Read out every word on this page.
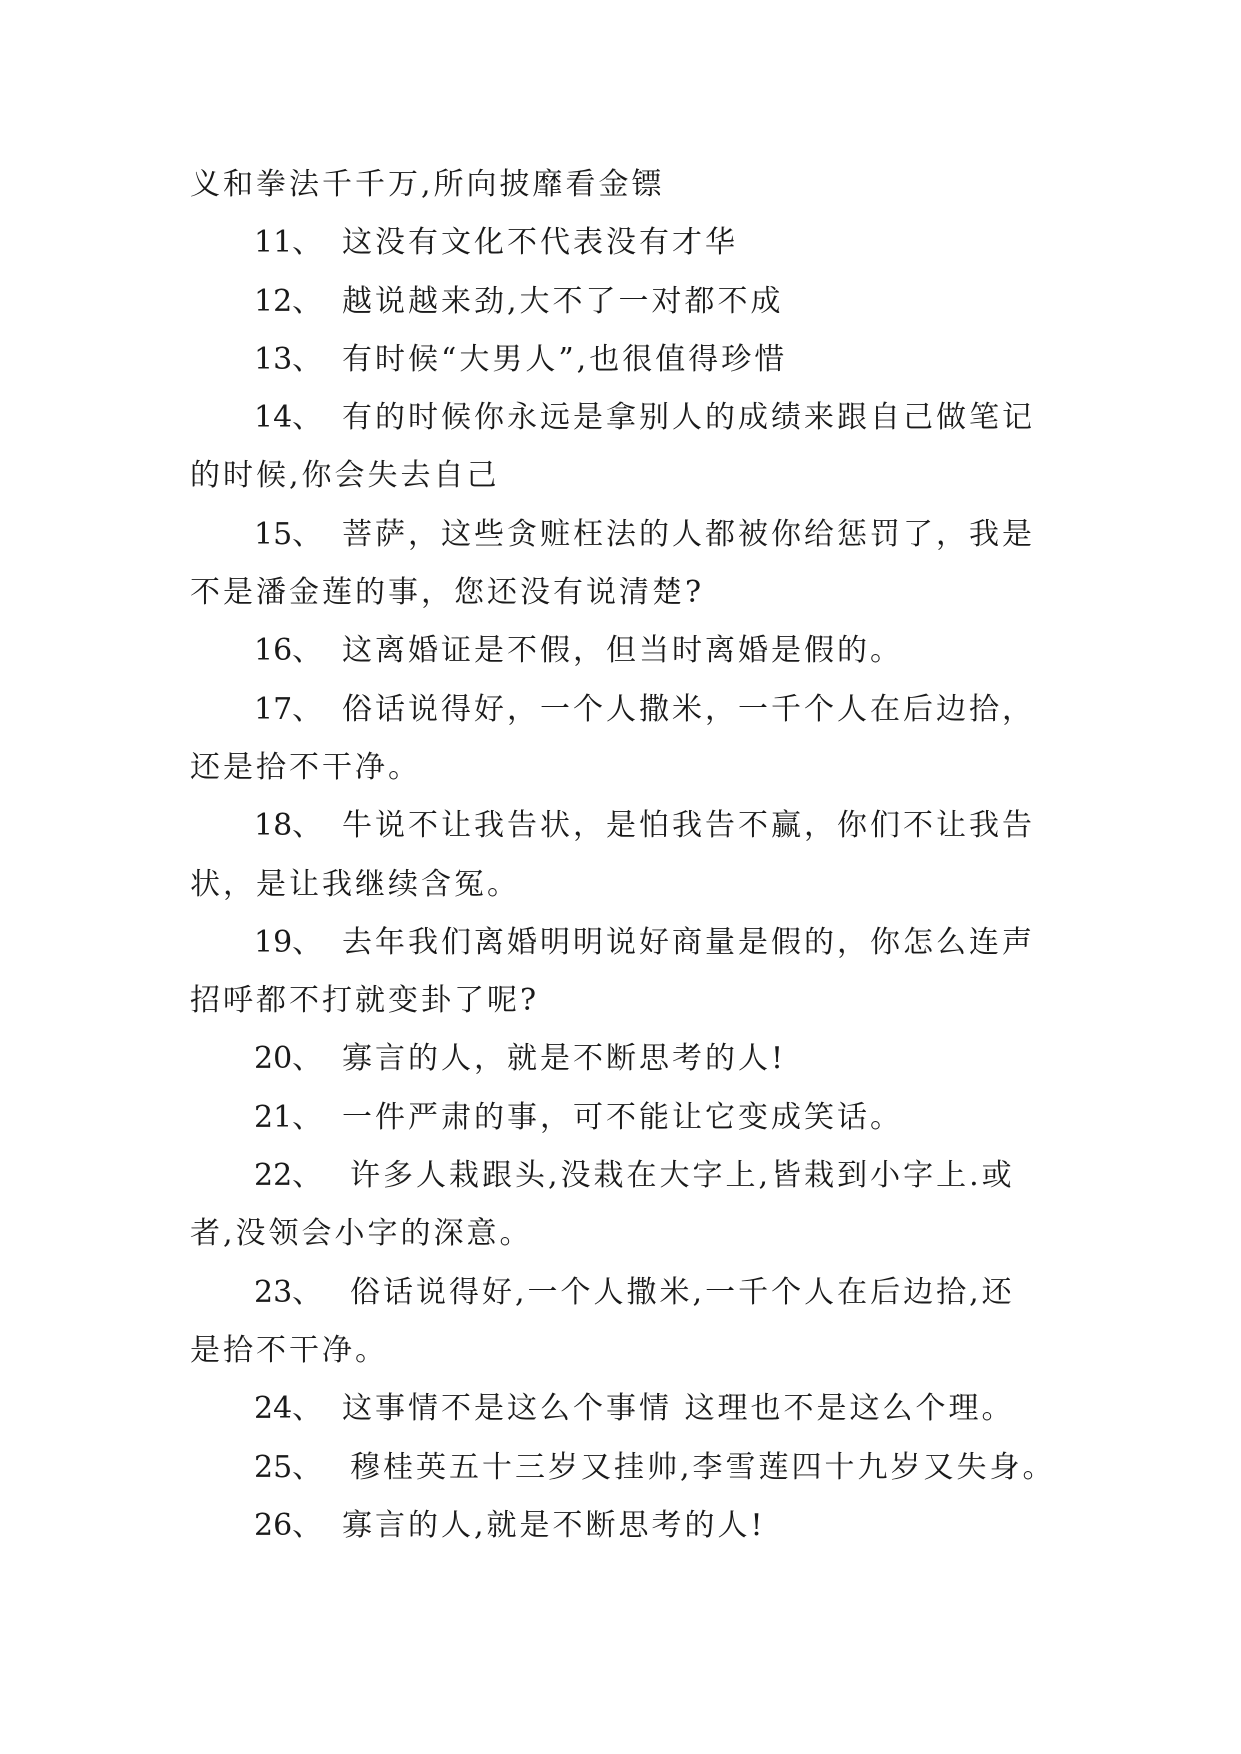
义和拳法千千万,所向披靡看金镖

11、 这没有文化不代表没有才华

12、 越说越来劲,大不了一对都不成

13、 有时候“大男人”,也很值得珍惜

14、 有的时候你永远是拿别人的成绩来跟自己做笔记

的时候,你会失去自己

15、 菩萨，这些贪赃枉法的人都被你给惩罚了，我是

不是潘金莲的事，您还没有说清楚?

16、 这离婚证是不假，但当时离婚是假的。

17、 俗话说得好，一个人撒米，一千个人在后边拾，

还是拾不干净。

18、 牛说不让我告状，是怕我告不赢，你们不让我告

状，是让我继续含冤。

19、 去年我们离婚明明说好商量是假的，你怎么连声

招呼都不打就变卦了呢?

20、 寡言的人，就是不断思考的人!

21、 一件严肃的事，可不能让它变成笑话。

22、 许多人栽跟头,没栽在大字上,皆栽到小字上.或

者,没领会小字的深意。

23、 俗话说得好,一个人撒米,一千个人在后边拾,还

是拾不干净。

24、 这事情不是这么个事情 这理也不是这么个理。

25、 穆桂英五十三岁又挂帅,李雪莲四十九岁又失身。

26、 寡言的人,就是不断思考的人!
